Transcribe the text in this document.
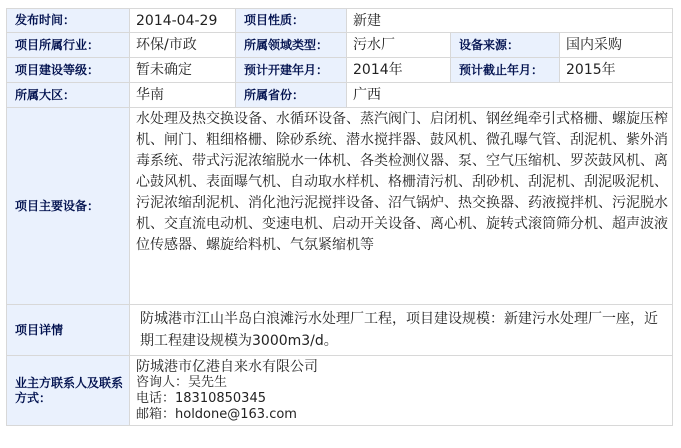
发布时间：	2014-04-29	项目性质：	新建		
项目所属行业：	环保/市政	所属领域类型：	污水厂	设备来源：	国内采购
项目建设等级：	暂未确定	预计开建年月：	2014年	预计截止年月：	2015年
所属大区：	华南	所属省份：	广西		
项目主要设备：	水处理及热交换设备、水循环设备、蒸汽阀门、启闭机、钢丝绳牵引式格栅、螺旋压榨机、闸门、粗细格栅、除砂系统、潜水搅拌器、鼓风机、微孔曝气管、刮泥机、紫外消毒系统、带式污泥浓缩脱水一体机、各类检测仪器、泵、空气压缩机、罗茨鼓风机、离心鼓风机、表面曝气机、自动取水样机、格栅清污机、刮砂机、刮泥机、刮泥吸泥机、污泥浓缩刮泥机、消化池污泥搅拌设备、沼气锅炉、热交换器、药液搅拌机、污泥脱水机、交直流电动机、变速电机、启动开关设备、离心机、旋转式滚筒筛分机、超声波液位传感器、螺旋给料机、气氛紧缩机等				
项目详情	防城港市江山半岛白浪滩污水处理厂工程，项目建设规模：新建污水处理厂一座，近期工程建设规模为3000m3/d。				
业主方联系人及联系方式：	防城港市亿港自来水有限公司
咨询人：吴先生
电话：18310850345
邮箱：holdone@163.com				
